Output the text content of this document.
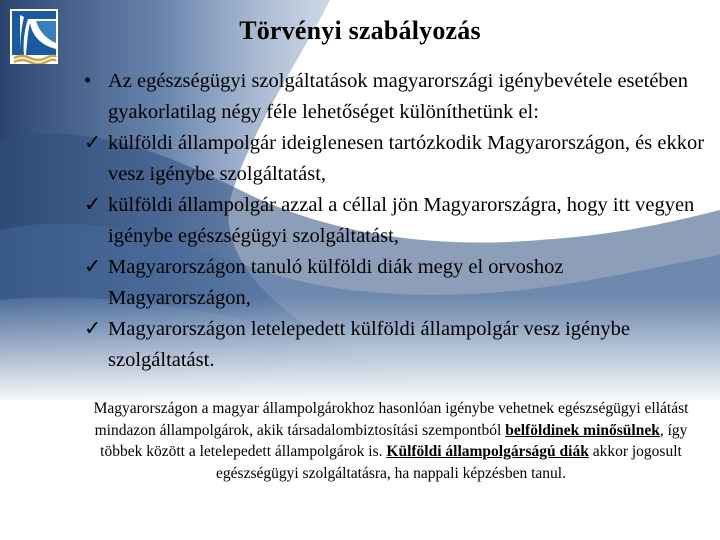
Törvényi szabályozás
• Az egészségügyi szolgáltatások magyarországi igénybevétele esetében gyakorlatilag négy féle lehetőséget különíthetünk el:
✓ külföldi állampolgár ideiglenesen tartózkodik Magyarországon, és ekkor vesz igénybe szolgáltatást,
✓ külföldi állampolgár azzal a céllal jön Magyarországra, hogy itt vegyen igénybe egészségügyi szolgáltatást,
✓ Magyarországon tanuló külföldi diák megy el orvoshoz Magyarországon,
✓ Magyarországon letelepedett külföldi állampolgár vesz igénybe szolgáltatást.
Magyarországon a magyar állampolgárokhoz hasonlóan igénybe vehetnek egészségügyi ellátást mindazon állampolgárok, akik társadalombiztosítási szempontból belföldinek minősülnek, így többek között a letelepedett állampolgárok is. Külföldi állampolgárságú diák akkor jogosult egészségügyi szolgáltatásra, ha nappali képzésben tanul.
